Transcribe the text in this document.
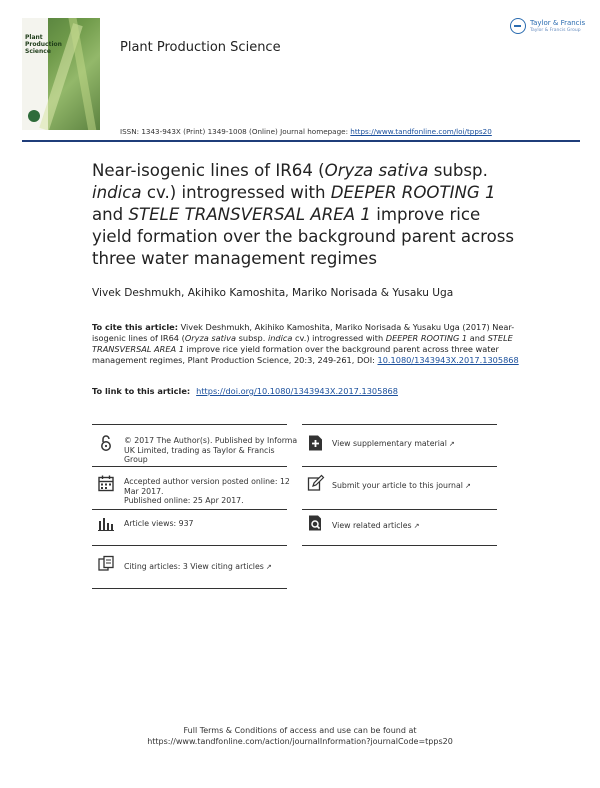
Plant
Production
Science	Plant Production Science
Taylor & Francis
Taylor & Francis Group
ISSN: 1343-943X (Print) 1349-1008 (Online) Journal homepage: https://www.tandfonline.com/loi/tpps20
Near-isogenic lines of IR64 (Oryza sativa subsp. indica cv.) introgressed with DEEPER ROOTING 1 and STELE TRANSVERSAL AREA 1 improve rice yield formation over the background parent across three water management regimes
Vivek Deshmukh, Akihiko Kamoshita, Mariko Norisada & Yusaku Uga
To cite this article: Vivek Deshmukh, Akihiko Kamoshita, Mariko Norisada & Yusaku Uga (2017) Near-isogenic lines of IR64 (Oryza sativa subsp. indica cv.) introgressed with DEEPER ROOTING 1 and STELE TRANSVERSAL AREA 1 improve rice yield formation over the background parent across three water management regimes, Plant Production Science, 20:3, 249-261, DOI: 10.1080/1343943X.2017.1305868
To link to this article: https://doi.org/10.1080/1343943X.2017.1305868
© 2017 The Author(s). Published by Informa
UK Limited, trading as Taylor & Francis
Group
Accepted author version posted online: 12
Mar 2017.
Published online: 25 Apr 2017.
Article views: 937
Citing articles: 3 View citing articles ↗
View supplementary material ↗
Submit your article to this journal ↗
View related articles ↗
Full Terms & Conditions of access and use can be found at
https://www.tandfonline.com/action/journalInformation?journalCode=tpps20
